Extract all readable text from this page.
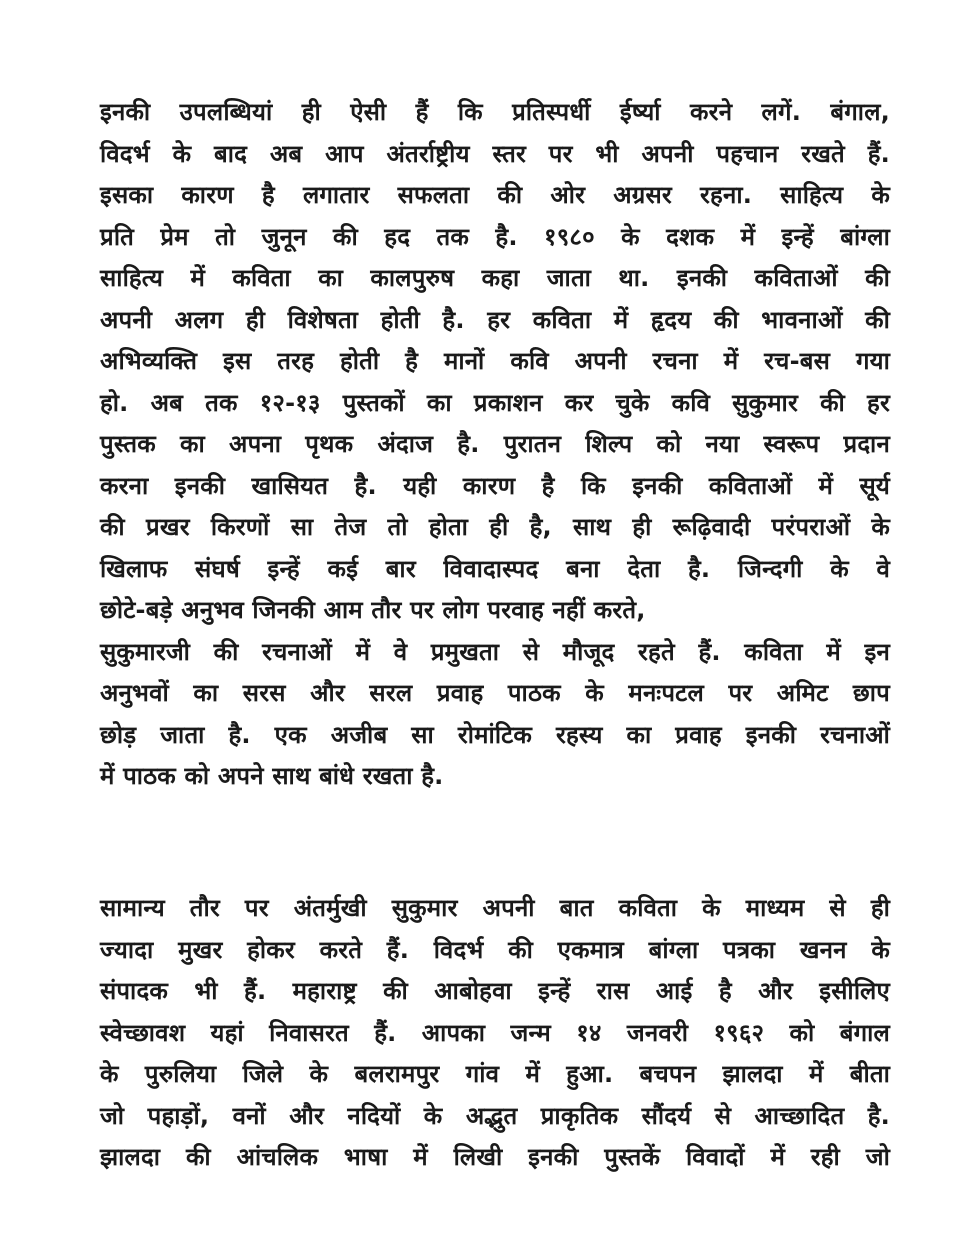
इनकी उपलब्धियां ही ऐसी हैं कि प्रतिस्पर्धी ईर्ष्या करने लगें. बंगाल,
विदर्भ के बाद अब आप अंतर्राष्ट्रीय स्तर पर भी अपनी पहचान रखते हैं.
इसका कारण है लगातार सफलता की ओर अग्रसर रहना. साहित्य के
प्रति प्रेम तो जुनून की हद तक है. १९८० के दशक में इन्हें बांग्ला
साहित्य में कविता का कालपुरुष कहा जाता था. इनकी कविताओं की
अपनी अलग ही विशेषता होती है. हर कविता में हृदय की भावनाओं की
अभिव्यक्ति इस तरह होती है मानों कवि अपनी रचना में रच-बस गया
हो. अब तक १२-१३ पुस्तकों का प्रकाशन कर चुके कवि सुकुमार की हर
पुस्तक का अपना पृथक अंदाज है. पुरातन शिल्प को नया स्वरूप प्रदान
करना इनकी खासियत है. यही कारण है कि इनकी कविताओं में सूर्य
की प्रखर किरणों सा तेज तो होता ही है, साथ ही रूढ़िवादी परंपराओं के
खिलाफ संघर्ष इन्हें कई बार विवादास्पद बना देता है. जिन्दगी के वे
छोटे-बड़े अनुभव जिनकी आम तौर पर लोग परवाह नहीं करते,
सुकुमारजी की रचनाओं में वे प्रमुखता से मौजूद रहते हैं. कविता में इन
अनुभवों का सरस और सरल प्रवाह पाठक के मनःपटल पर अमिट छाप
छोड़ जाता है. एक अजीब सा रोमांटिक रहस्य का प्रवाह इनकी रचनाओं
में पाठक को अपने साथ बांधे रखता है.
सामान्य तौर पर अंतर्मुखी सुकुमार अपनी बात कविता के माध्यम से ही
ज्यादा मुखर होकर करते हैं. विदर्भ की एकमात्र बांग्ला पत्रका खनन के
संपादक भी हैं. महाराष्ट्र की आबोहवा इन्हें रास आई है और इसीलिए
स्वेच्छावश यहां निवासरत हैं. आपका जन्म १४ जनवरी १९६२ को बंगाल
के पुरुलिया जिले के बलरामपुर गांव में हुआ. बचपन झालदा में बीता
जो पहाड़ों, वनों और नदियों के अद्भुत प्राकृतिक सौंदर्य से आच्छादित है.
झालदा की आंचलिक भाषा में लिखी इनकी पुस्तकें विवादों में रही जो
